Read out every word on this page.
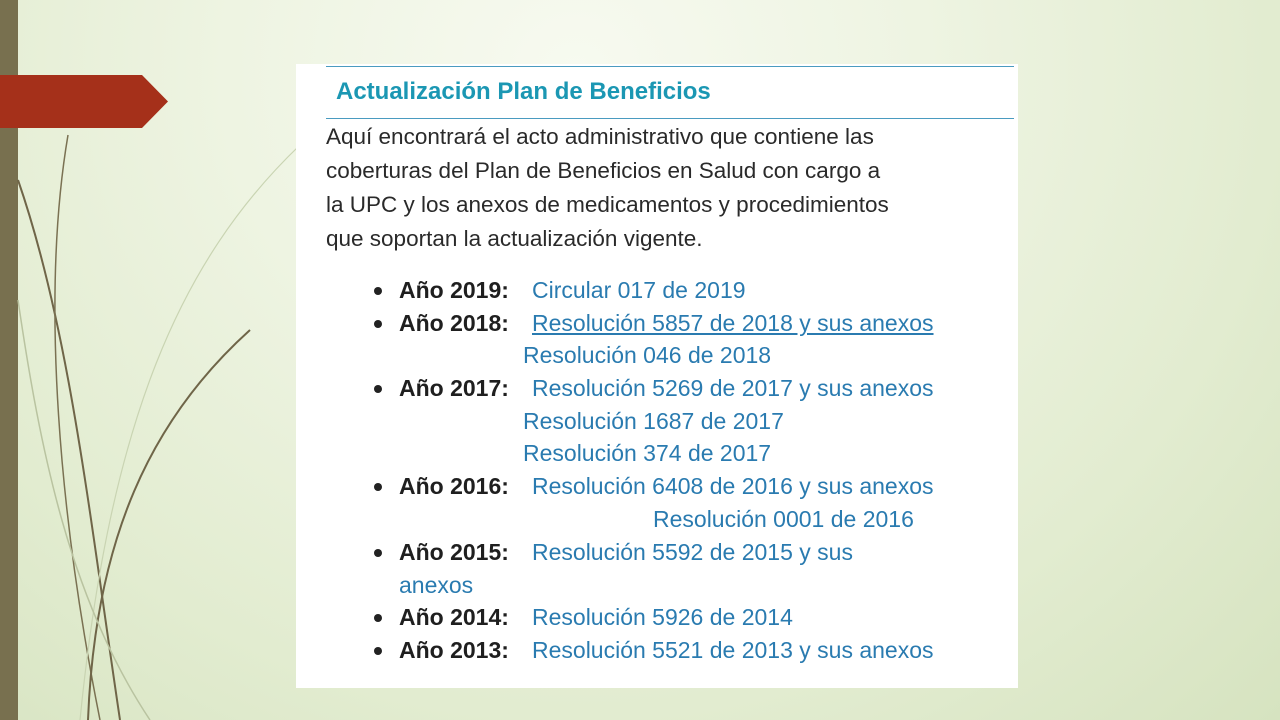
Actualización Plan de Beneficios
Aquí encontrará el acto administrativo que contiene las
coberturas del Plan de Beneficios en Salud con cargo a
la UPC y los anexos de medicamentos y procedimientos
que soportan la actualización vigente.
Año 2019: Circular 017 de 2019
Año 2018: Resolución 5857 de 2018 y sus anexos
Resolución 046 de 2018
Año 2017: Resolución 5269 de 2017 y sus anexos
Resolución 1687 de 2017
Resolución 374 de 2017
Año 2016: Resolución 6408 de 2016 y sus anexos
Resolución 0001 de 2016
Año 2015: Resolución 5592 de 2015 y sus
anexos
Año 2014: Resolución 5926 de 2014
Año 2013: Resolución 5521 de 2013 y sus anexos
